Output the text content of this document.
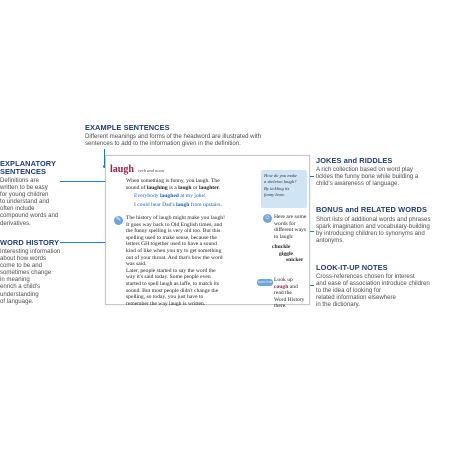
EXAMPLE SENTENCES
Different meanings and forms of the headword are illustrated with
sentences to add to the information given in the definition.
EXPLANATORY
SENTENCES
Definitions are
written to be easy
for young children
to understand and
often include
compound words and
derivatives.
WORD HISTORY
Interesting information
about how words
come to be and
sometimes change
in meaning
enrich a child's
understanding
of language.
JOKES and RIDDLES
A rich collection based on word play
tickles the funny bone while building a
child's awareness of language.
BONUS and RELATED WORDS
Short lists of additional words and phrases
spark imagination and vocabulary-building
by introducing children to synonyms and
antonyms.
LOOK-IT-UP NOTES
Cross-references chosen for interest
and ease of association introduce children
to the idea of looking for
related information elsewhere
in the dictionary.
laugh verb and noun
When something is funny, you laugh. The
sound of laughing is a laugh or laughter.
Everybody laughed at my joke!
I could hear Dad's laugh from upstairs.
✎ The history of laugh might make you laugh!
It goes way back to Old English times, and
the funny spelling is very old too. But this
spelling used to make sense, because the
letters GH together used to have a sound
kind of like when you try to get something
out of your throat. And that's how the word
was said.
Later, people started to say the word the
way it's said today. Some people even
started to spell laugh as laffe, to match its
sound. But most people didn't change the
spelling, so today, you just have to
remember the way laugh is written.
How do you make
a skeleton laugh?
By tickling its
funny bone.
☺ Here are some
words for
different ways
to laugh:
chuckle
giggle
snicker
LOOK IT UP Look up
cough and
read the
Word History
there.
